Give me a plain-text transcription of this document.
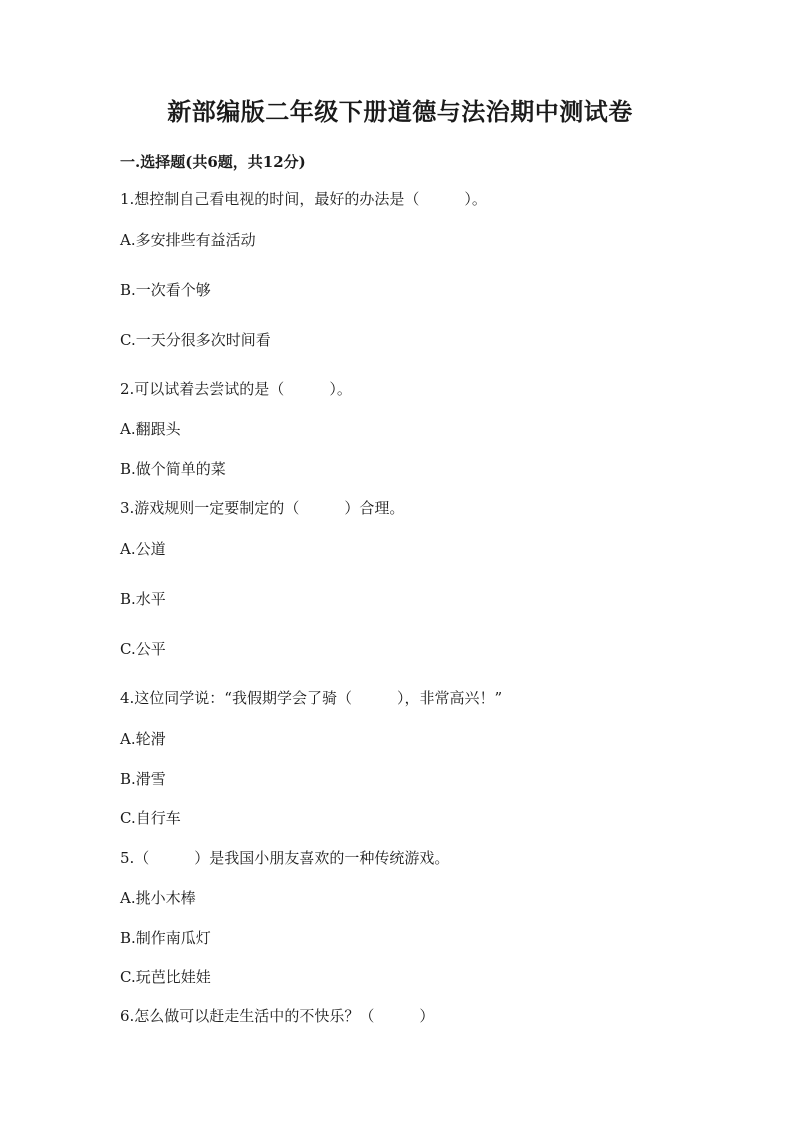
新部编版二年级下册道德与法治期中测试卷
一.选择题(共6题，共12分)

1.想控制自己看电视的时间，最好的办法是（　　　）。

A.多安排些有益活动

B.一次看个够

C.一天分很多次时间看

2.可以试着去尝试的是（　　　）。

A.翻跟头

B.做个简单的菜

3.游戏规则一定要制定的（　　　）合理。

A.公道

B.水平

C.公平

4.这位同学说：“我假期学会了骑（　　　），非常高兴！”

A.轮滑

B.滑雪

C.自行车

5.（　　　）是我国小朋友喜欢的一种传统游戏。

A.挑小木棒

B.制作南瓜灯

C.玩芭比娃娃

6.怎么做可以赶走生活中的不快乐？（　　　）
